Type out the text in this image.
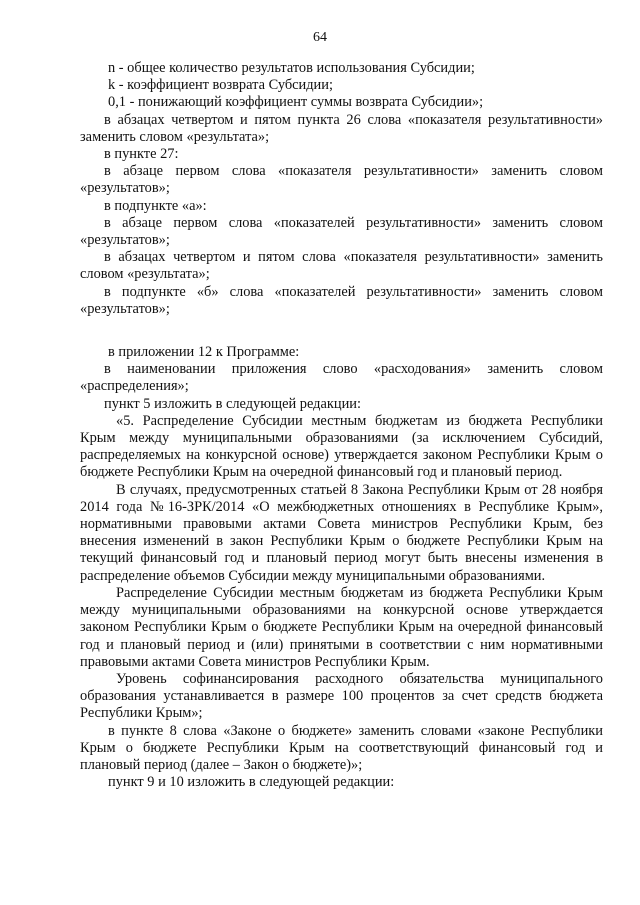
64

n - общее количество результатов использования Субсидии;

k - коэффициент возврата Субсидии;

0,1 - понижающий коэффициент суммы возврата Субсидии»;

в абзацах четвертом и пятом пункта 26 слова «показателя результативности» заменить словом «результата»;

в пункте 27:

в абзаце первом слова «показателя результативности» заменить словом «результатов»;

в подпункте «а»:

в абзаце первом слова «показателей результативности» заменить словом «результатов»;

в абзацах четвертом и пятом слова «показателя результативности» заменить словом «результата»;

в подпункте «б» слова «показателей результативности» заменить словом «результатов»;

в приложении 12 к Программе:

в наименовании приложения слово «расходования» заменить словом «распределения»;

пункт 5 изложить в следующей редакции:

«5. Распределение Субсидии местным бюджетам из бюджета Республики Крым между муниципальными образованиями (за исключением Субсидий, распределяемых на конкурсной основе) утверждается законом Республики Крым о бюджете Республики Крым на очередной финансовый год и плановый период.

В случаях, предусмотренных статьей 8 Закона Республики Крым от 28 ноября 2014 года №16-ЗРК/2014 «О межбюджетных отношениях в Республике Крым», нормативными правовыми актами Совета министров Республики Крым, без внесения изменений в закон Республики Крым о бюджете Республики Крым на текущий финансовый год и плановый период могут быть внесены изменения в распределение объемов Субсидии между муниципальными образованиями.

Распределение Субсидии местным бюджетам из бюджета Республики Крым между муниципальными образованиями на конкурсной основе утверждается законом Республики Крым о бюджете Республики Крым на очередной финансовый год и плановый период и (или) принятыми в соответствии с ним нормативными правовыми актами Совета министров Республики Крым.

Уровень софинансирования расходного обязательства муниципального образования устанавливается в размере 100 процентов за счет средств бюджета Республики Крым»;

в пункте 8 слова «Законе о бюджете» заменить словами «законе Республики Крым о бюджете Республики Крым на соответствующий финансовый год и плановый период (далее – Закон о бюджете)»;

пункт 9 и 10 изложить в следующей редакции:
